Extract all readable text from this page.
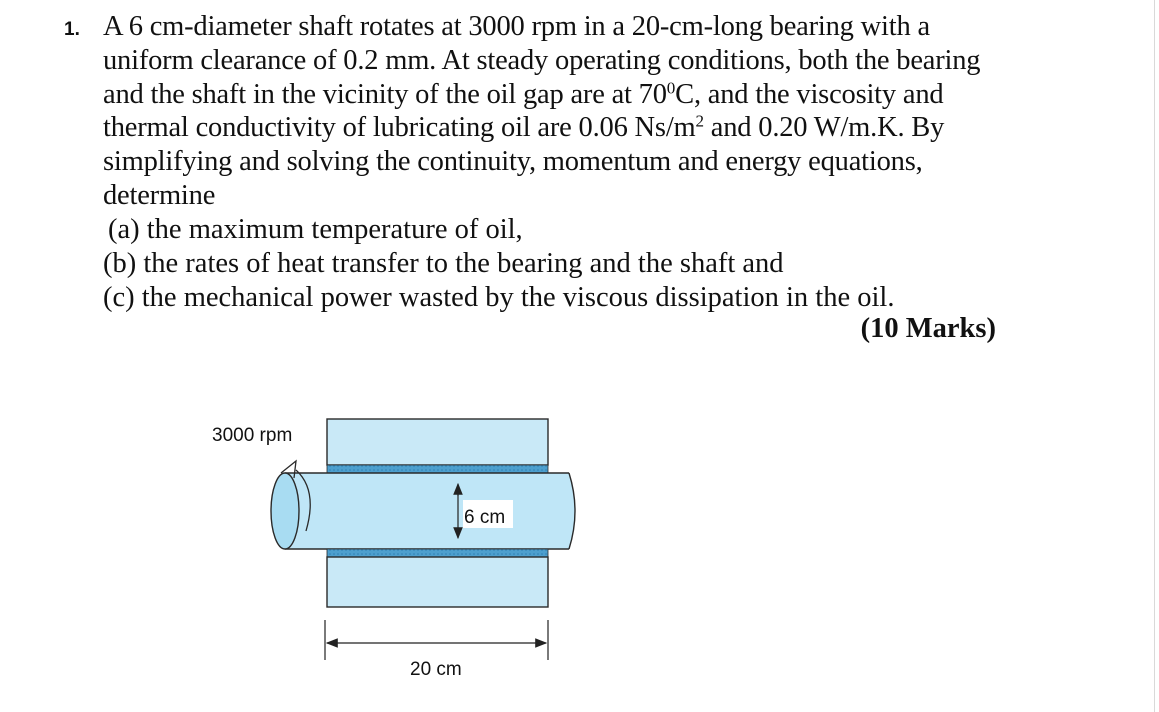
1. A 6 cm-diameter shaft rotates at 3000 rpm in a 20-cm-long bearing with a
uniform clearance of 0.2 mm. At steady operating conditions, both the bearing
and the shaft in the vicinity of the oil gap are at $70^0C$, and the viscosity and
thermal conductivity of lubricating oil are 0.06 $Ns/m^2$ and 0.20 W/m.K. By
simplifying and solving the continuity, momentum and energy equations,
determine
(a) the maximum temperature of oil,
(b) the rates of heat transfer to the bearing and the shaft and
(c) the mechanical power wasted by the viscous dissipation in the oil.
(10 Marks)
6 cm
20 cm
3000 rpm
